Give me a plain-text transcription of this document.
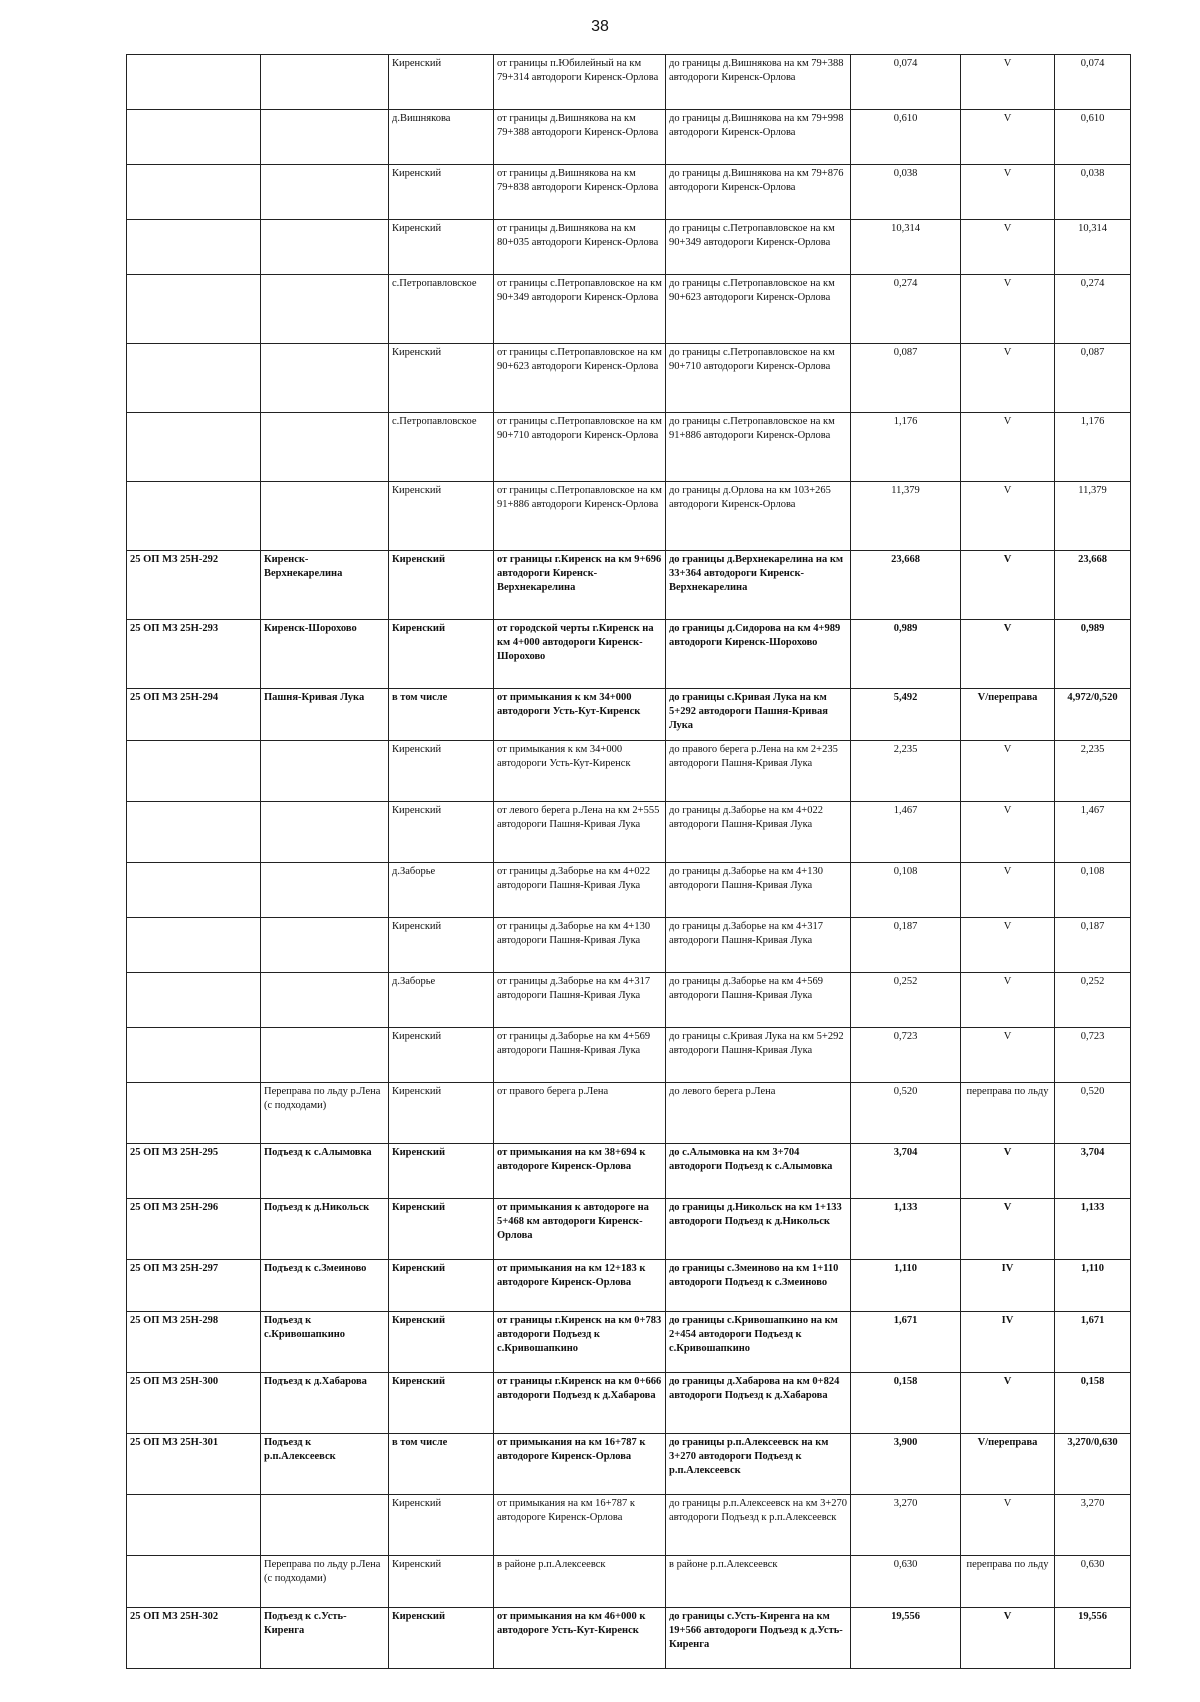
38
		Киренский	от границы п.Юбилейный на км 79+314 автодороги Киренск-Орлова	до границы д.Вишнякова на км 79+388 автодороги Киренск-Орлова	0,074	V	0,074
		д.Вишнякова	от границы д.Вишнякова на км 79+388 автодороги Киренск-Орлова	до границы д.Вишнякова на км 79+998 автодороги Киренск-Орлова	0,610	V	0,610
		Киренский	от границы д.Вишнякова на км 79+838 автодороги Киренск-Орлова	до границы д.Вишнякова на км 79+876 автодороги Киренск-Орлова	0,038	V	0,038
		Киренский	от границы д.Вишнякова на км 80+035 автодороги Киренск-Орлова	до границы с.Петропавловское на км 90+349 автодороги Киренск-Орлова	10,314	V	10,314
		с.Петропавловское	от границы с.Петропавловское на км 90+349 автодороги Киренск-Орлова	до границы с.Петропавловское на км 90+623 автодороги Киренск-Орлова	0,274	V	0,274
		Киренский	от границы с.Петропавловское на км 90+623 автодороги Киренск-Орлова	до границы с.Петропавловское на км 90+710 автодороги Киренск-Орлова	0,087	V	0,087
		с.Петропавловское	от границы с.Петропавловское на км 90+710 автодороги Киренск-Орлова	до границы с.Петропавловское на км 91+886 автодороги Киренск-Орлова	1,176	V	1,176
		Киренский	от границы с.Петропавловское на км 91+886 автодороги Киренск-Орлова	до границы д.Орлова на км 103+265 автодороги Киренск-Орлова	11,379	V	11,379
25 ОП МЗ 25Н-292	Киренск-Верхнекарелина	Киренский	от границы г.Киренск на км 9+696 автодороги Киренск-Верхнекарелина	до границы д.Верхнекарелина на км 33+364 автодороги Киренск-Верхнекарелина	23,668	V	23,668
25 ОП МЗ 25Н-293	Киренск-Шорохово	Киренский	от городской черты г.Киренск на км 4+000 автодороги Киренск-Шорохово	до границы д.Сидорова на км 4+989 автодороги Киренск-Шорохово	0,989	V	0,989
25 ОП МЗ 25Н-294	Пашня-Кривая Лука	в том числе	от примыкания к км 34+000 автодороги Усть-Кут-Киренск	до границы с.Кривая Лука на км 5+292 автодороги Пашня-Кривая Лука	5,492	V/переправа	4,972/0,520
		Киренский	от примыкания к км 34+000 автодороги Усть-Кут-Киренск	до правого берега р.Лена на км 2+235 автодороги Пашня-Кривая Лука	2,235	V	2,235
		Киренский	от левого берега р.Лена на км 2+555 автодороги Пашня-Кривая Лука	до границы д.Заборье на км 4+022 автодороги Пашня-Кривая Лука	1,467	V	1,467
		д.Заборье	от границы д.Заборье на км 4+022 автодороги Пашня-Кривая Лука	до границы д.Заборье на км 4+130 автодороги Пашня-Кривая Лука	0,108	V	0,108
		Киренский	от границы д.Заборье на км 4+130 автодороги Пашня-Кривая Лука	до границы д.Заборье на км 4+317 автодороги Пашня-Кривая Лука	0,187	V	0,187
		д.Заборье	от границы д.Заборье на км 4+317 автодороги Пашня-Кривая Лука	до границы д.Заборье на км 4+569 автодороги Пашня-Кривая Лука	0,252	V	0,252
		Киренский	от границы д.Заборье на км 4+569 автодороги Пашня-Кривая Лука	до границы с.Кривая Лука на км 5+292 автодороги Пашня-Кривая Лука	0,723	V	0,723
	Переправа по льду р.Лена (с подходами)	Киренский	от правого берега р.Лена	до левого берега р.Лена	0,520	переправа по льду	0,520
25 ОП МЗ 25Н-295	Подъезд к с.Алымовка	Киренский	от примыкания на км 38+694 к автодороге Киренск-Орлова	до с.Алымовка на км 3+704 автодороги Подъезд к с.Алымовка	3,704	V	3,704
25 ОП МЗ 25Н-296	Подъезд к д.Никольск	Киренский	от примыкания к автодороге на 5+468 км автодороги Киренск-Орлова	до границы д.Никольск на км 1+133 автодороги Подъезд к д.Никольск	1,133	V	1,133
25 ОП МЗ 25Н-297	Подъезд к с.Змеиново	Киренский	от примыкания на км 12+183 к автодороге Киренск-Орлова	до границы с.Змеиново на км 1+110 автодороги Подъезд к с.Змеиново	1,110	IV	1,110
25 ОП МЗ 25Н-298	Подъезд к с.Кривошапкино	Киренский	от границы г.Киренск на км 0+783 автодороги Подъезд к с.Кривошапкино	до границы с.Кривошапкино на км 2+454 автодороги Подъезд к с.Кривошапкино	1,671	IV	1,671
25 ОП МЗ 25Н-300	Подъезд к д.Хабарова	Киренский	от границы г.Киренск на км 0+666 автодороги Подъезд к д.Хабарова	до границы д.Хабарова на км 0+824 автодороги Подъезд к д.Хабарова	0,158	V	0,158
25 ОП МЗ 25Н-301	Подъезд к р.п.Алексеевск	в том числе	от примыкания на км 16+787 к автодороге Киренск-Орлова	до границы р.п.Алексеевск на км 3+270 автодороги Подъезд к р.п.Алексеевск	3,900	V/переправа	3,270/0,630
		Киренский	от примыкания на км 16+787 к автодороге Киренск-Орлова	до границы р.п.Алексеевск на км 3+270 автодороги Подъезд к р.п.Алексеевск	3,270	V	3,270
	Переправа по льду р.Лена (с подходами)	Киренский	в районе р.п.Алексеевск	в районе р.п.Алексеевск	0,630	переправа по льду	0,630
25 ОП МЗ 25Н-302	Подъезд к с.Усть-Киренга	Киренский	от примыкания на км 46+000 к автодороге Усть-Кут-Киренск	до границы с.Усть-Киренга на км 19+566 автодороги Подъезд к д.Усть-Киренга	19,556	V	19,556
